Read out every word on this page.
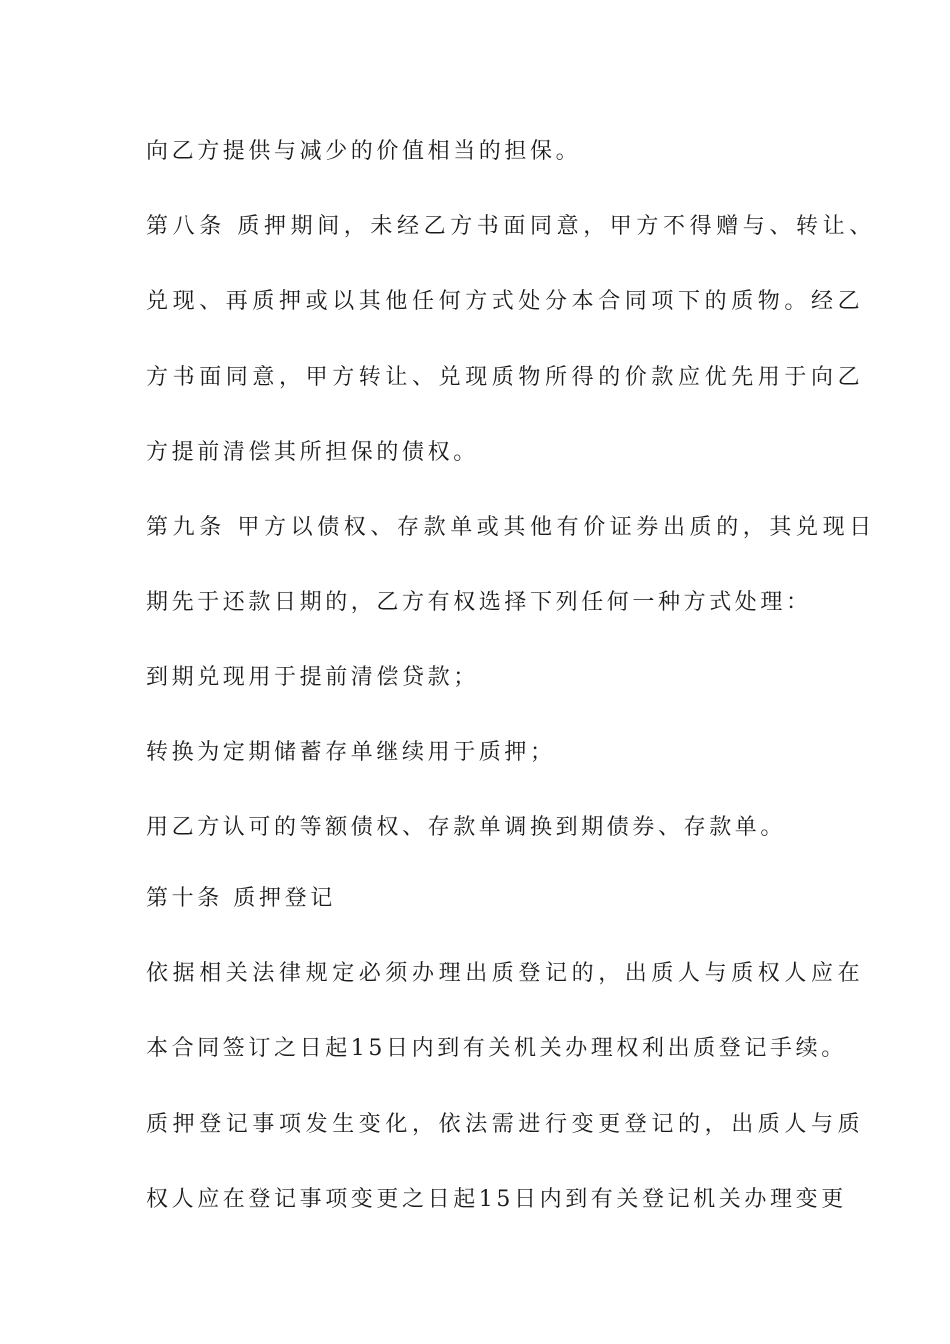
向乙方提供与减少的价值相当的担保。
第八条 质押期间，未经乙方书面同意，甲方不得赠与、转让、
兑现、再质押或以其他任何方式处分本合同项下的质物。经乙
方书面同意，甲方转让、兑现质物所得的价款应优先用于向乙
方提前清偿其所担保的债权。
第九条 甲方以债权、存款单或其他有价证券出质的，其兑现日
期先于还款日期的，乙方有权选择下列任何一种方式处理：
到期兑现用于提前清偿贷款；
转换为定期储蓄存单继续用于质押；
用乙方认可的等额债权、存款单调换到期债券、存款单。
第十条 质押登记
依据相关法律规定必须办理出质登记的，出质人与质权人应在
本合同签订之日起15日内到有关机关办理权利出质登记手续。
质押登记事项发生变化，依法需进行变更登记的，出质人与质
权人应在登记事项变更之日起15日内到有关登记机关办理变更
